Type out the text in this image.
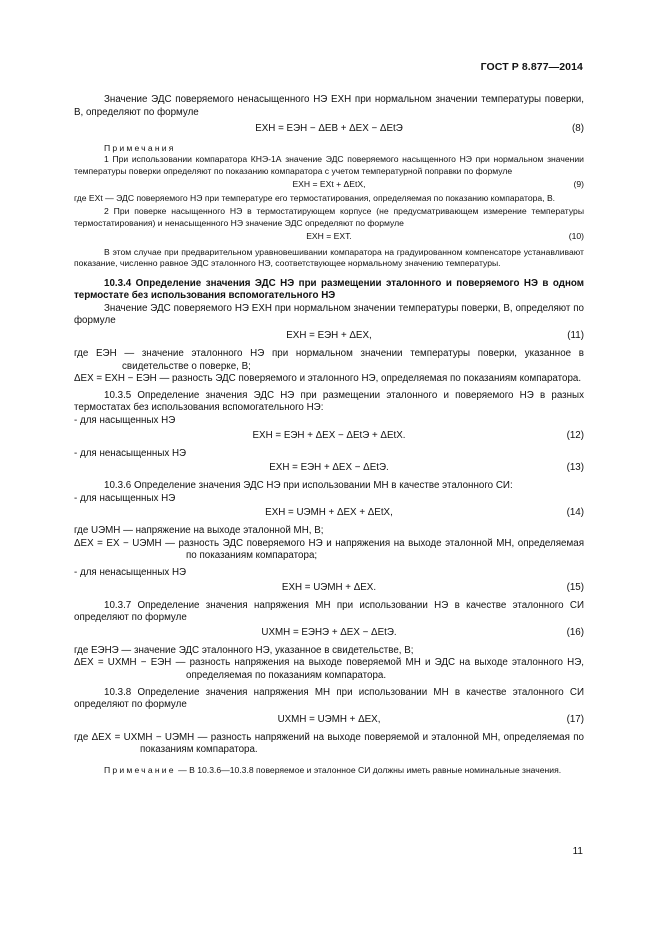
ГОСТ Р 8.877—2014

Значение ЭДС поверяемого ненасыщенного НЭ EXH при нормальном значении температуры поверки, В, определяют по формуле

EXH = EЭH − ΔEВ + ΔEX − ΔEtЭ	(8)

Примечания

1 При использовании компаратора КНЭ-1А значение ЭДС поверяемого насыщенного НЭ при нормальном значении температуры поверки определяют по показанию компаратора с учетом температурной поправки по формуле

EXH = EXt + ΔEtX,	(9)

где EXt — ЭДС поверяемого НЭ при температуре его термостатирования, определяемая по показанию компаратора, В.

2 При поверке насыщенного НЭ в термостатирующем корпусе (не предусматривающем измерение температуры термостатирования) и ненасыщенного НЭ значение ЭДС определяют по формуле

EXH = EXT.	(10)

В этом случае при предварительном уравновешивании компаратора на градуированном компенсаторе устанавливают показание, численно равное ЭДС эталонного НЭ, соответствующее нормальному значению температуры.

10.3.4 Определение значения ЭДС НЭ при размещении эталонного и поверяемого НЭ в одном термостате без использования вспомогательного НЭ

Значение ЭДС поверяемого НЭ EXH при нормальном значении температуры поверки, В, определяют по формуле

EXH = EЭH + ΔEX,	(11)

где EЭH — значение эталонного НЭ при нормальном значении температуры поверки, указанное в свидетельстве о поверке, В;

ΔEX = EXH − EЭH — разность ЭДС поверяемого и эталонного НЭ, определяемая по показаниям компаратора.

10.3.5 Определение значения ЭДС НЭ при размещении эталонного и поверяемого НЭ в разных термостатах без использования вспомогательного НЭ:

- для насыщенных НЭ

EXH = EЭH + ΔEX − ΔEtЭ + ΔEtX.	(12)

- для ненасыщенных НЭ

EXH = EЭH + ΔEX − ΔEtЭ.	(13)

10.3.6 Определение значения ЭДС НЭ при использовании МН в качестве эталонного СИ:

- для насыщенных НЭ

EXH = UЭМH + ΔEX + ΔEtX,	(14)

где UЭМH — напряжение на выходе эталонной МН, В;

ΔEX = EX − UЭМH — разность ЭДС поверяемого НЭ и напряжения на выходе эталонной МН, определяемая по показаниям компаратора;

- для ненасыщенных НЭ

EXH = UЭМH + ΔEX.	(15)

10.3.7 Определение значения напряжения МН при использовании НЭ в качестве эталонного СИ определяют по формуле

UXМH = EЭHЭ + ΔEX − ΔEtЭ.	(16)

где EЭHЭ — значение ЭДС эталонного НЭ, указанное в свидетельстве, В;

ΔEX = UXМH − EЭH — разность напряжения на выходе поверяемой МН и ЭДС на выходе эталонного НЭ, определяемая по показаниям компаратора.

10.3.8 Определение значения напряжения МН при использовании МН в качестве эталонного СИ определяют по формуле

UXМH = UЭМH + ΔEX,	(17)

где ΔEX = UXМH − UЭМH — разность напряжений на выходе поверяемой и эталонной МН, определяемая по показаниям компаратора.

Примечание — В 10.3.6—10.3.8 поверяемое и эталонное СИ должны иметь равные номинальные значения.

11
